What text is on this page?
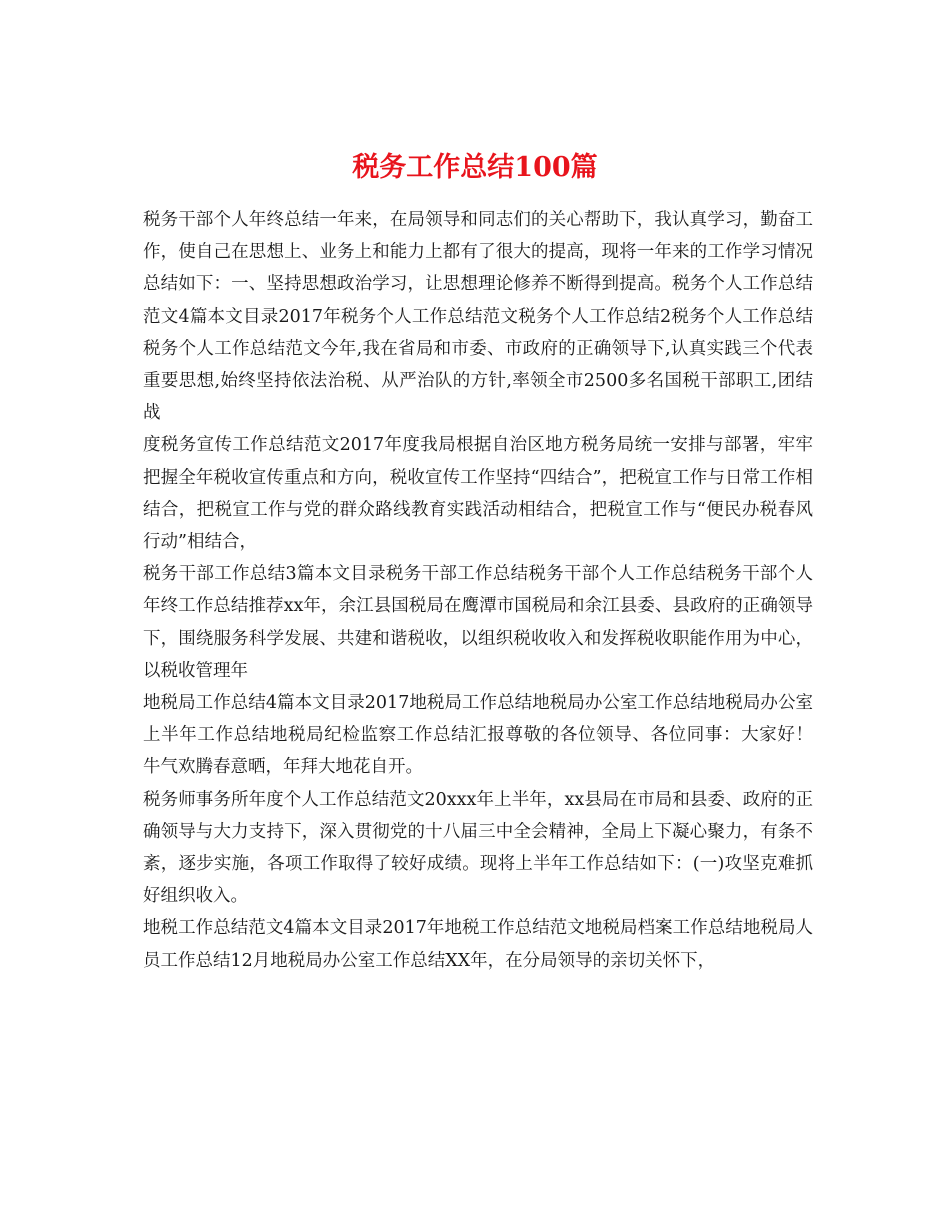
税务工作总结100篇

税务干部个人年终总结一年来，在局领导和同志们的关心帮助下，我认真学习，勤奋工作，使自己在思想上、业务上和能力上都有了很大的提高，现将一年来的工作学习情况总结如下：一、坚持思想政治学习，让思想理论修养不断得到提高。税务个人工作总结范文4篇本文目录2017年税务个人工作总结范文税务个人工作总结2税务个人工作总结税务个人工作总结范文今年,我在省局和市委、市政府的正确领导下,认真实践三个代表重要思想,始终坚持依法治税、从严治队的方针,率领全市2500多名国税干部职工,团结战

度税务宣传工作总结范文2017年度我局根据自治区地方税务局统一安排与部署，牢牢把握全年税收宣传重点和方向，税收宣传工作坚持“四结合”，把税宣工作与日常工作相结合，把税宣工作与党的群众路线教育实践活动相结合，把税宣工作与“便民办税春风行动”相结合，

税务干部工作总结3篇本文目录税务干部工作总结税务干部个人工作总结税务干部个人年终工作总结推荐xx年，余江县国税局在鹰潭市国税局和余江县委、县政府的正确领导下，围绕服务科学发展、共建和谐税收，以组织税收收入和发挥税收职能作用为中心，以税收管理年

地税局工作总结4篇本文目录2017地税局工作总结地税局办公室工作总结地税局办公室上半年工作总结地税局纪检监察工作总结汇报尊敬的各位领导、各位同事：大家好！ 牛气欢腾春意晒，年拜大地花自开。

税务师事务所年度个人工作总结范文20xxx年上半年，xx县局在市局和县委、政府的正确领导与大力支持下，深入贯彻党的十八届三中全会精神，全局上下凝心聚力，有条不紊，逐步实施，各项工作取得了较好成绩。现将上半年工作总结如下：(一)攻坚克难抓好组织收入。

地税工作总结范文4篇本文目录2017年地税工作总结范文地税局档案工作总结地税局人员工作总结12月地税局办公室工作总结XX年，在分局领导的亲切关怀下，
